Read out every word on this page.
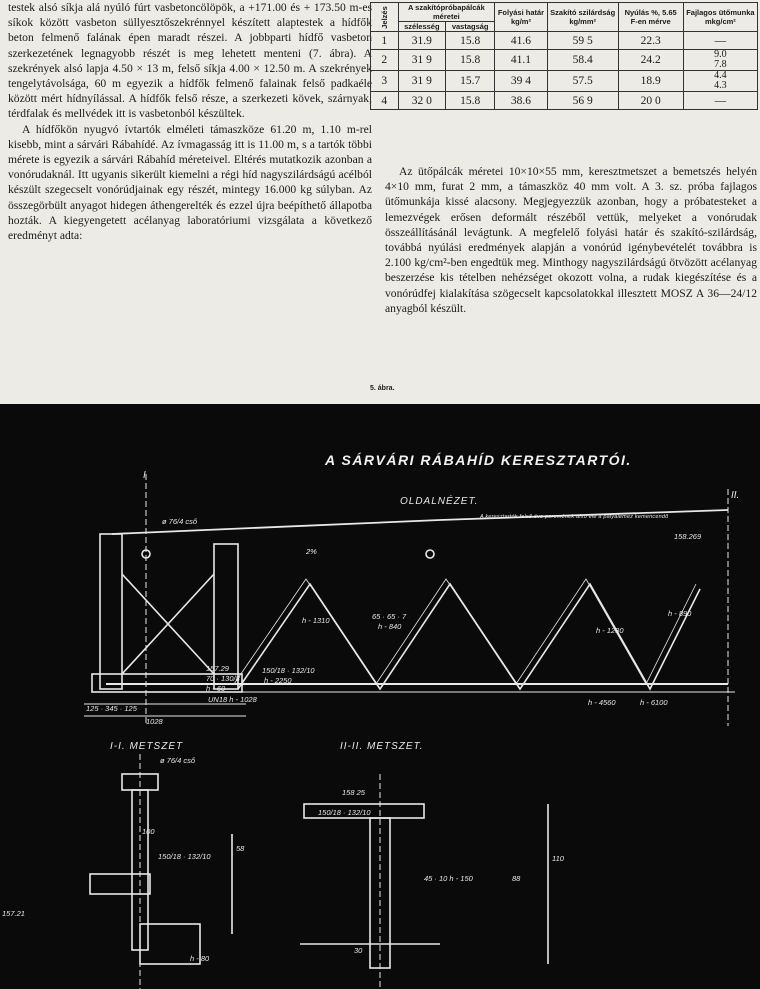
testek alsó síkja alá nyúló fúrt vasbetoncölöpök, a +171.00 és + 173.50 m-es síkok között vasbeton süllyesztőszekrénnyel készített alaptestek a hídfők beton felmenő falának épen maradt részei. A jobbparti hídfő vasbeton szerkezetének legnagyobb részét is meg lehetett menteni (7. ábra). A szekrények alsó lapja 4.50 × 13 m, felső síkja 4.00 × 12.50 m. A szekrények tengelytávolsága, 60 m egyezik a hídfők felmenő falainak felső padkaéle között mért hídnyílással. A hídfők felső része, a szerkezeti kövek, szárnyak, térdfalak és mellvédek itt is vasbetonból készültek.

A hídfőkön nyugvó ívtartók elméleti támaszköze 61.20 m, 1.10 m-rel kisebb, mint a sárvári Rábahídé. Az ívmagasság itt is 11.00 m, s a tartók többi mérete is egyezik a sárvári Rábahíd méreteivel. Eltérés mutatkozik azonban a vonórudaknál. Itt ugyanis sikerült kiemelni a régi híd nagyszilárdságú acélból készült szegecselt vonórúdjainak egy részét, mintegy 16.000 kg súlyban. Az összegörbült anyagot hidegen áthengerelték és ezzel újra beépíthető állapotba hozták. A kiegyengetett acélanyag laboratóriumi vizsgálata a következő eredményt adta:

Jelzés	A szakítópróbapálcák méretei		Folyási határ kg/m²	Szakító szilárdság kg/mm²	Nyúlás %, 5.65 F-en mérve	Fajlagos ütőmunka mkg/cm²
	szélesség	vastagság				
1	31.9	15.8	41.6	59 5	22.3	—
2	31 9	15.8	41.1	58.4	24.2	9.0
7.8
3	31 9	15.7	39 4	57.5	18.9	4.4
4.3
4	32 0	15.8	38.6	56 9	20 0	—

Az ütőpálcák méretei 10×10×55 mm, keresztmetszet a bemetszés helyén 4×10 mm, furat 2 mm, a támaszköz 40 mm volt. A 3. sz. próba fajlagos ütőmunkája kissé alacsony. Megjegyezzük azonban, hogy a próbatesteket a lemezvégek erősen deformált részéből vettük, melyeket a vonórudak összeállításánál levágtunk. A megfelelő folyási határ és szakító-szilárdság, továbbá nyúlási eredmények alapján a vonórúd igénybevételét továbbra is 2.100 kg/cm²-ben engedtük meg. Minthogy nagyszilárdságú ötvözött acélanyag beszerzése kis tételben nehézséget okozott volna, a rudak kiegészítése és a vonórúdfej kialakítása szögecselt kapcsolatokkal illesztett MOSZ A 36—24/12 anyagból készült.

5. ábra.
A SÁRVÁRI RÁBAHÍD KERESZTARTÓI.
OLDALNÉZET.
A keresztartók felső öve peremének alsó éle a pályalemez kemencendő
I
II.
ø 76/4 cső
157.29
70 · 130/8
h - 60
UN18 h - 1028
150/18 · 132/10
h - 2250
65 · 65 · 7
h - 1310
h - 840	h - 1280
h - 890
158.269
2%
h - 6100
h - 4560
125 · 345 · 125
1028
I-I. METSZET	II-II. METSZET.
ø 76/4 cső
100
150/18 · 132/10
58
157.21
h - 80
158 25
150/18 · 132/10
45 · 10 h - 150
30
110
88
